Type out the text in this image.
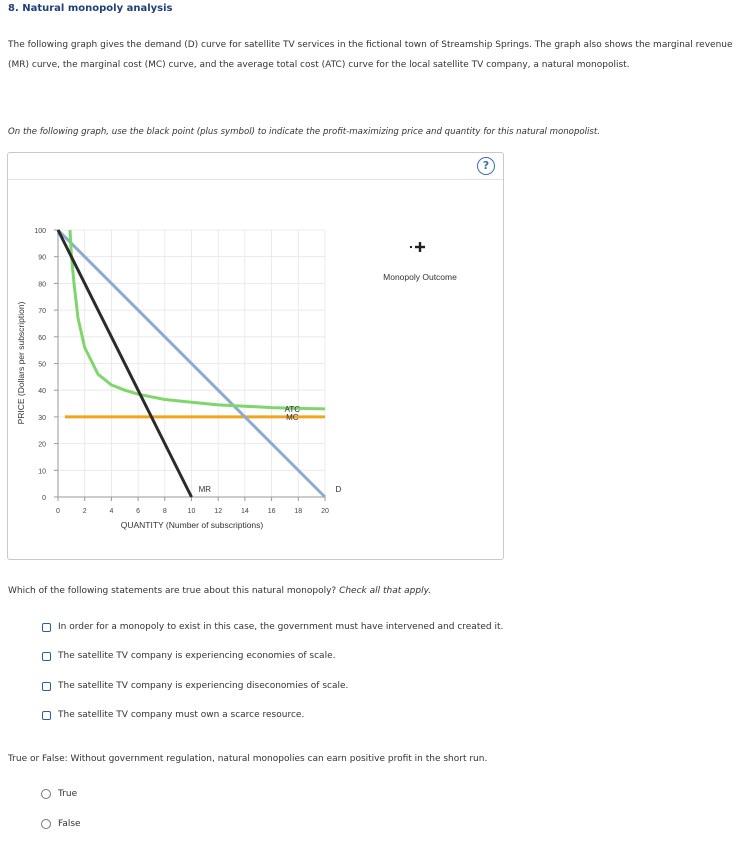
8. Natural monopoly analysis
The following graph gives the demand (D) curve for satellite TV services in the fictional town of Streamship Springs. The graph also shows the marginal revenue (MR) curve, the marginal cost (MC) curve, and the average total cost (ATC) curve for the local satellite TV company, a natural monopolist.
On the following graph, use the black point (plus symbol) to indicate the profit-maximizing price and quantity for this natural monopolist.
?
0
10
20
30
40
50
60
70
80
90
100
0	2	4	6	8	10	12	14	16	18	20
ATC
MC
MR	D
PRICE (Dollars per subscription)
QUANTITY (Number of subscriptions)
Monopoly Outcome
Which of the following statements are true about this natural monopoly? Check all that apply.
In order for a monopoly to exist in this case, the government must have intervened and created it.
The satellite TV company is experiencing economies of scale.
The satellite TV company is experiencing diseconomies of scale.
The satellite TV company must own a scarce resource.
True or False: Without government regulation, natural monopolies can earn positive profit in the short run.
True
False
